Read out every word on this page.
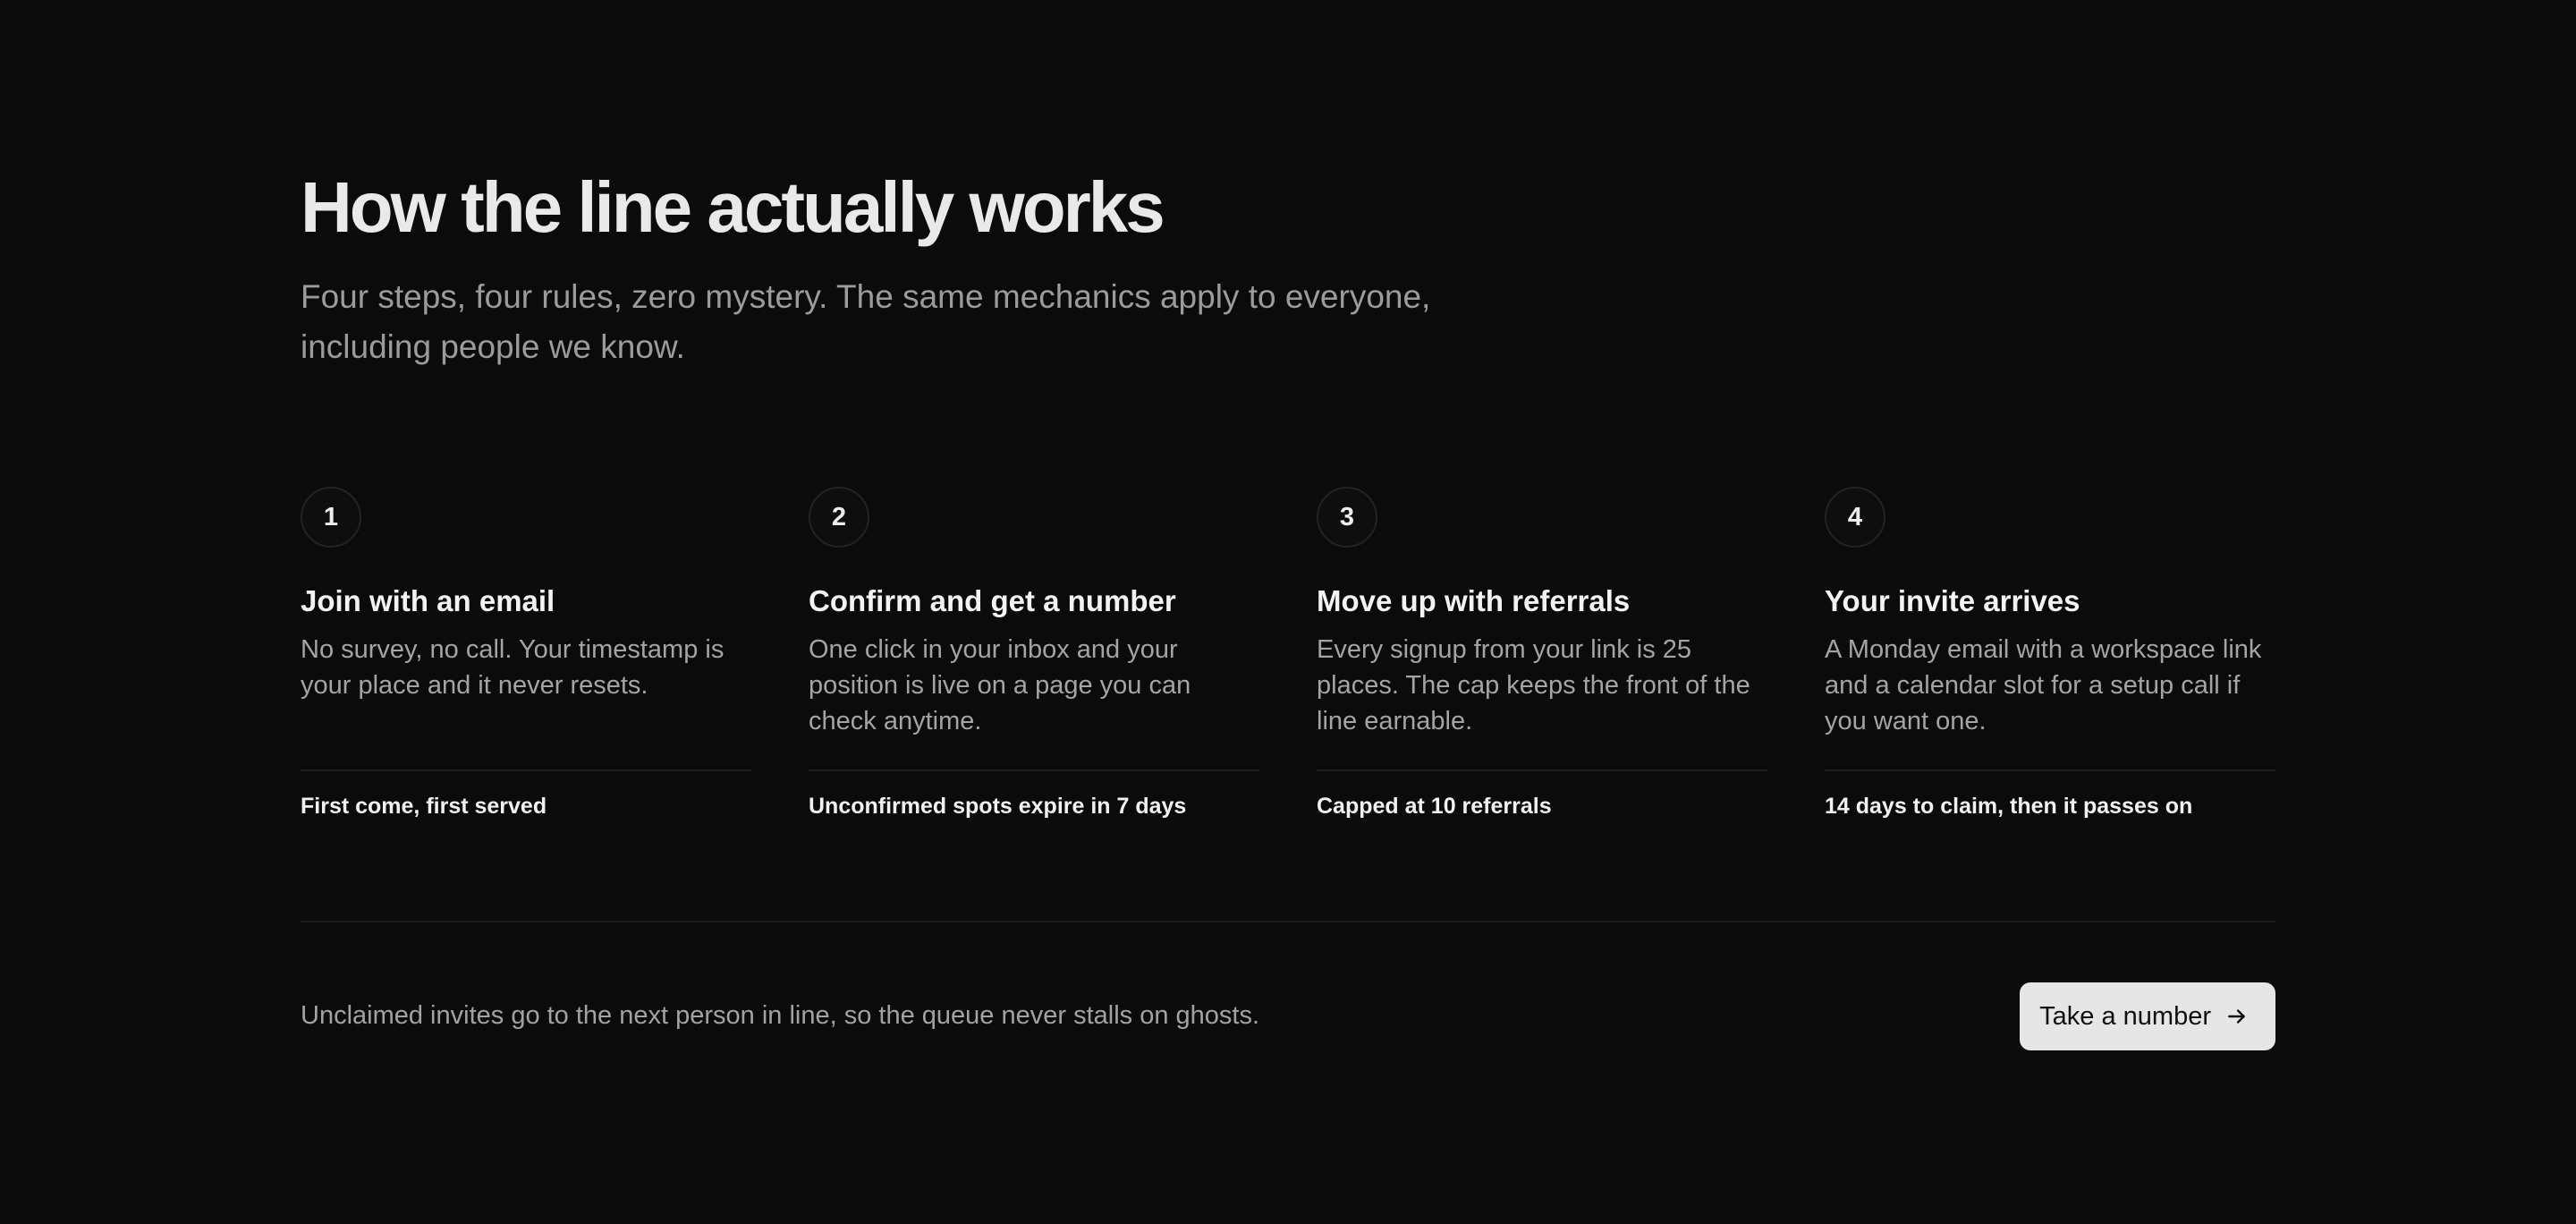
How the line actually works

Four steps, four rules, zero mystery. The same mechanics apply to everyone, including people we know.

1
Join with an email

No survey, no call. Your timestamp is your place and it never resets.

First come, first served

2
Confirm and get a number

One click in your inbox and your position is live on a page you can check anytime.

Unconfirmed spots expire in 7 days

3
Move up with referrals

Every signup from your link is 25 places. The cap keeps the front of the line earnable.

Capped at 10 referrals

4
Your invite arrives

A Monday email with a workspace link and a calendar slot for a setup call if you want one.

14 days to claim, then it passes on

Unclaimed invites go to the next person in line, so the queue never stalls on ghosts.	Take a number
